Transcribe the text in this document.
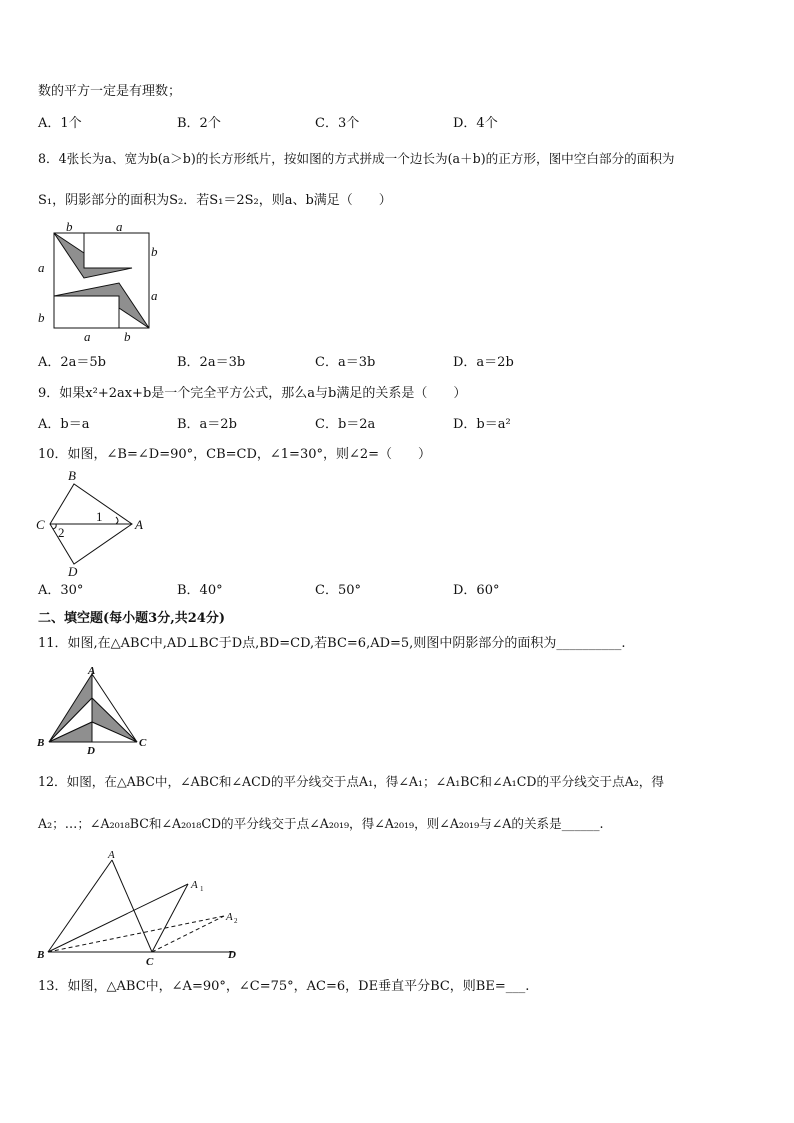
数的平方一定是有理数；
A．1个	B．2个	C．3个	D．4个
8．4张长为a、宽为b(a＞b)的长方形纸片，按如图的方式拼成一个边长为(a＋b)的正方形，图中空白部分的面积为
S₁，阴影部分的面积为S₂．若S₁＝2S₂，则a、b满足（　　）
b	a
b
a
a
b
a	b
A．2a＝5b	B．2a＝3b	C．a＝3b	D．a＝2b
9．如果x²+2ax+b是一个完全平方公式，那么a与b满足的关系是（　　）
A．b＝a	B．a＝2b	C．b＝2a	D．b＝a²
10．如图，∠B=∠D=90°，CB=CD，∠1=30°，则∠2=（　　）
B
C	A
D
1
2
A．30°	B．40°	C．50°	D．60°
二、填空题(每小题3分,共24分)
11．如图,在△ABC中,AD⊥BC于D点,BD=CD,若BC=6,AD=5,则图中阴影部分的面积为__________.
A
B	C
D
12．如图，在△ABC中，∠ABC和∠ACD的平分线交于点A₁，得∠A₁；∠A₁BC和∠A₁CD的平分线交于点A₂，得
A₂；…；∠A₂₀₁₈BC和∠A₂₀₁₈CD的平分线交于点∠A₂₀₁₉，得∠A₂₀₁₉，则∠A₂₀₁₉与∠A的关系是______.
A
A 1
A 2
B
C
D
13．如图，△ABC中，∠A=90°，∠C=75°，AC=6，DE垂直平分BC，则BE=___.
